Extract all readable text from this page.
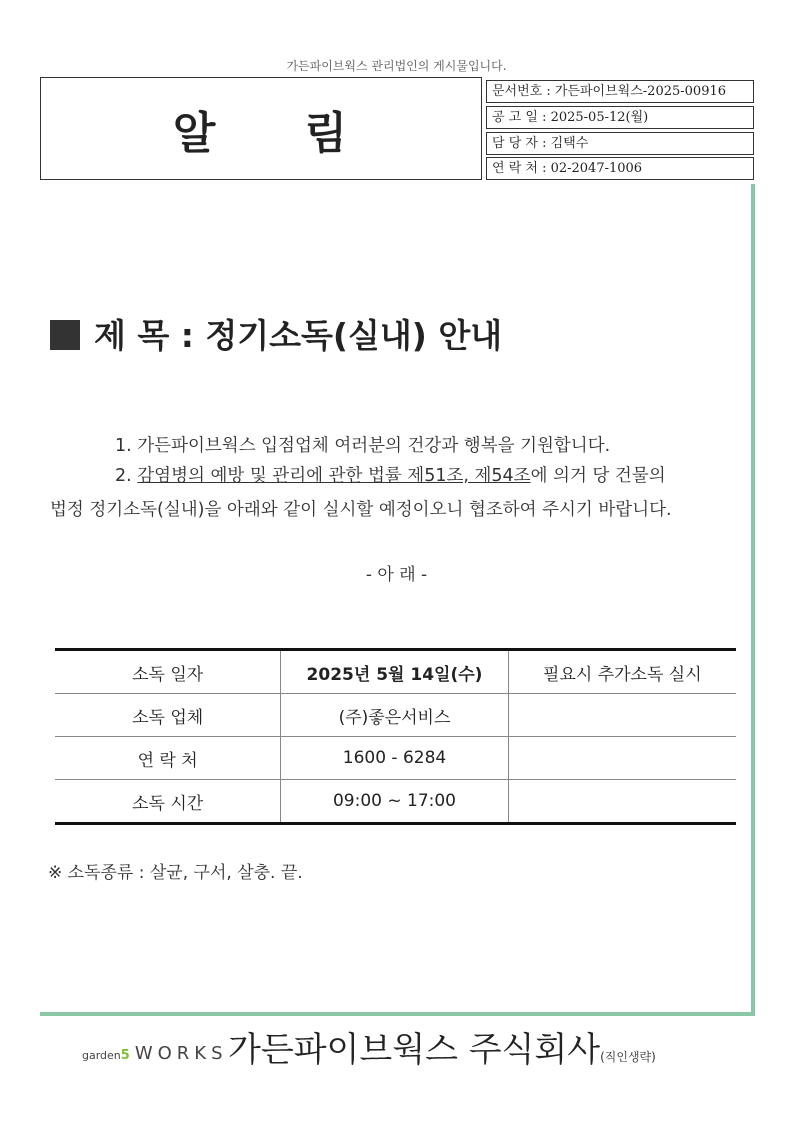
가든파이브웍스 관리법인의 게시물입니다.
알 림
문서번호 : 가든파이브웍스-2025-00916
공 고 일 : 2025-05-12(월)
담 당 자 : 김택수
연 락 처 : 02-2047-1006
제 목 : 정기소독(실내) 안내
1. 가든파이브웍스 입점업체 여러분의 건강과 행복을 기원합니다.
2. 감염병의 예방 및 관리에 관한 법률 제51조, 제54조에 의거 당 건물의
법정 정기소독(실내)을 아래와 같이 실시할 예정이오니 협조하여 주시기 바랍니다.
- 아 래 -
소독 일자	2025년 5월 14일(수)	필요시 추가소독 실시
소독 업체	(주)좋은서비스	
연 락 처	1600 - 6284	
소독 시간	09:00 ~ 17:00	
※ 소독종류 : 살균, 구서, 살충. 끝.
garden 5 WORKS 가든파이브웍스 주식회사(직인생략)
